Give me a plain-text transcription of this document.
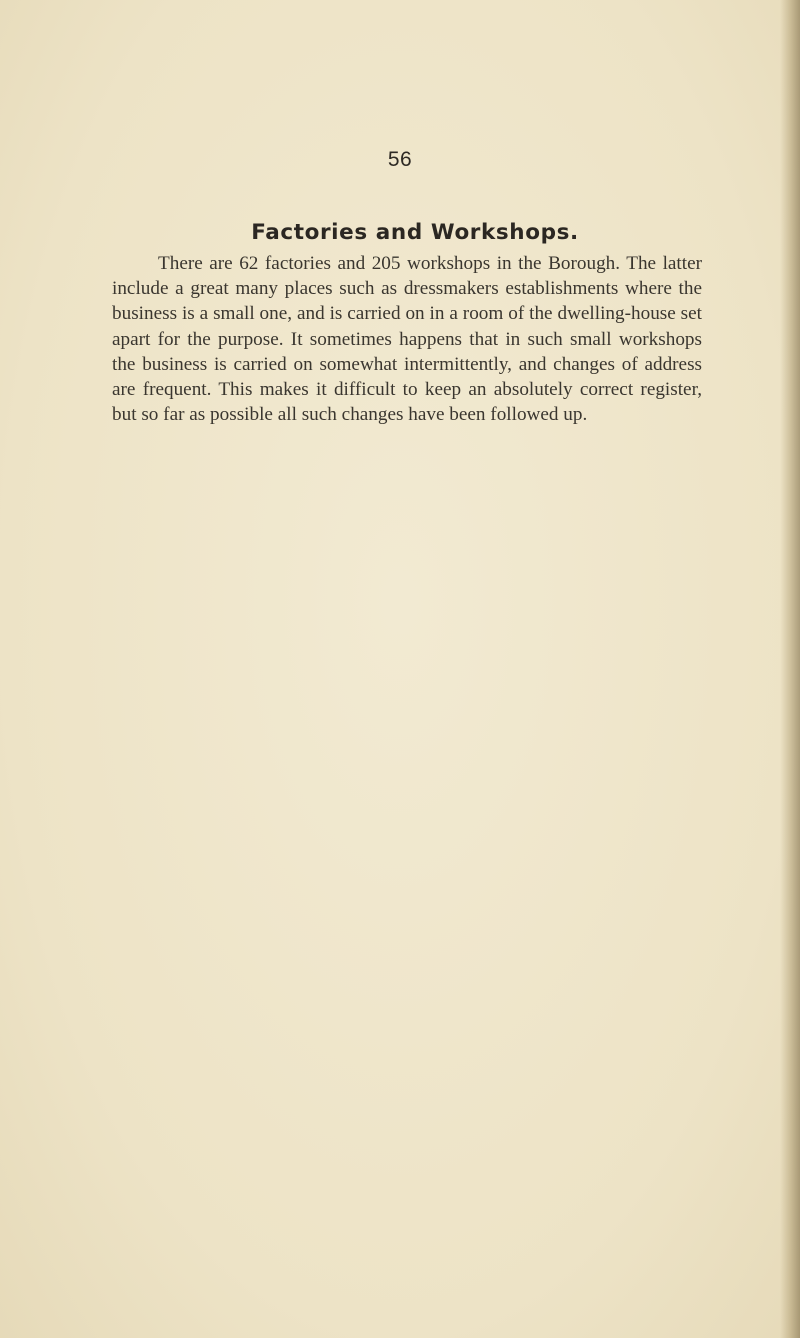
56
Factories and Workshops.

There are 62 factories and 205 workshops in the Borough. The latter include a great many places such as dressmakers establishments where the business is a small one, and is carried on in a room of the dwelling-house set apart for the purpose. It sometimes happens that in such small workshops the business is carried on somewhat intermittently, and changes of address are frequent. This makes it difficult to keep an absolutely correct register, but so far as possible all such changes have been followed up.
